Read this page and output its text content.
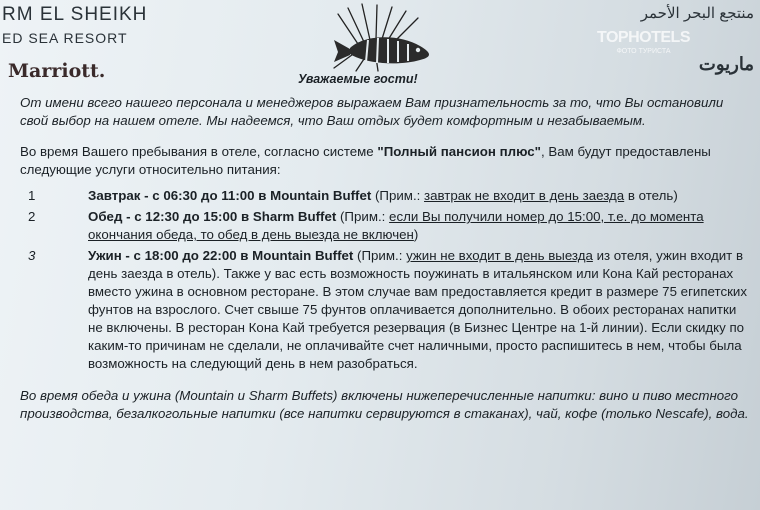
RM EL SHEIKH
ED SEA RESORT
Marriott.
منتجع البحر الأحمر
ماريوت
TOPHOTELS
ФОТО ТУРИСТА
Уважаемые гости!

От имени всего нашего персонала и менеджеров выражаем Вам признательность за то, что Вы остановили свой выбор на нашем отеле. Мы надеемся, что Ваш отдых будет комфортным и незабываемым.

Во время Вашего пребывания в отеле, согласно системе "Полный пансион плюс", Вам будут предоставлены следующие услуги относительно питания:

1	Завтрак - с 06:30 до 11:00 в Mountain Buffet (Прим.: завтрак не входит в день заезда в отель)
2	Обед - с 12:30 до 15:00 в Sharm Buffet (Прим.: если Вы получили номер до 15:00, т.е. до момента окончания обеда, то обед в день выезда не включен)
3	Ужин - с 18:00 до 22:00 в Mountain Buffet (Прим.: ужин не входит в день выезда из отеля, ужин входит в день заезда в отель). Также у вас есть возможность поужинать в итальянском или Кона Кай ресторанах вместо ужина в основном ресторане. В этом случае вам предоставляется кредит в размере 75 египетских фунтов на взрослого. Счет свыше 75 фунтов оплачивается дополнительно. В обоих ресторанах напитки не включены. В ресторан Кона Кай требуется резервация (в Бизнес Центре на 1-й линии). Если скидку по каким-то причинам не сделали, не оплачивайте счет наличными, просто распишитесь в нем, чтобы была возможность на следующий день в нем разобраться.

Во время обеда и ужина (Mountain и Sharm Buffets) включены нижеперечисленные напитки: вино и пиво местного производства, безалкогольные напитки (все напитки сервируются в стаканах), чай, кофе (только Nescafe), вода.
